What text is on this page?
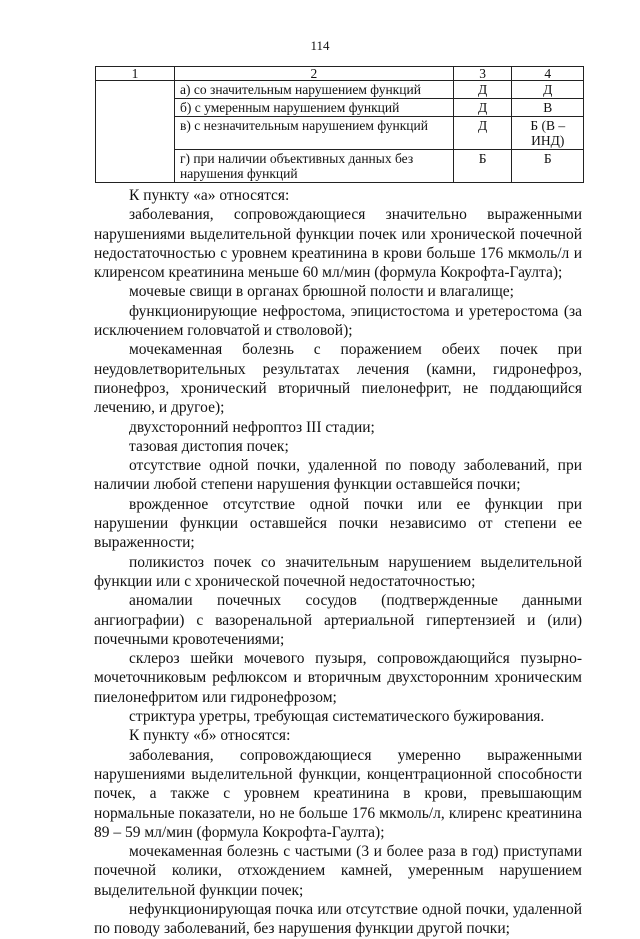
114
1	2	3	4
	а) со значительным нарушением функций	Д	Д
	б) с умеренным нарушением функций	Д	В
	в) с незначительным нарушением функций	Д	Б (В – ИНД)
	г) при наличии объективных данных без нарушения функций	Б	Б

К пункту «а» относятся:

заболевания, сопровождающиеся значительно выраженными нарушениями выделительной функции почек или хронической почечной недостаточностью с уровнем креатинина в крови больше 176 мкмоль/л и клиренсом креатинина меньше 60 мл/мин (формула Кокрофта-Гаулта);

мочевые свищи в органах брюшной полости и влагалище;

функционирующие нефростома, эпицистостома и уретеростома (за исключением головчатой и стволовой);

мочекаменная болезнь с поражением обеих почек при неудовлетворительных результатах лечения (камни, гидронефроз, пионефроз, хронический вторичный пиелонефрит, не поддающийся лечению, и другое);

двухсторонний нефроптоз III стадии;

тазовая дистопия почек;

отсутствие одной почки, удаленной по поводу заболеваний, при наличии любой степени нарушения функции оставшейся почки;

врожденное отсутствие одной почки или ее функции при нарушении функции оставшейся почки независимо от степени ее выраженности;

поликистоз почек со значительным нарушением выделительной функции или с хронической почечной недостаточностью;

аномалии почечных сосудов (подтвержденные данными ангиографии) с вазоренальной артериальной гипертензией и (или) почечными кровотечениями;

склероз шейки мочевого пузыря, сопровождающийся пузырно-мочеточниковым рефлюксом и вторичным двухсторонним хроническим пиелонефритом или гидронефрозом;

стриктура уретры, требующая систематического бужирования.

К пункту «б» относятся:

заболевания, сопровождающиеся умеренно выраженными нарушениями выделительной функции, концентрационной способности почек, а также с уровнем креатинина в крови, превышающим нормальные показатели, но не больше 176 мкмоль/л, клиренс креатинина 89 – 59 мл/мин (формула Кокрофта-Гаулта);

мочекаменная болезнь с частыми (3 и более раза в год) приступами почечной колики, отхождением камней, умеренным нарушением выделительной функции почек;

нефункционирующая почка или отсутствие одной почки, удаленной по поводу заболеваний, без нарушения функции другой почки;
